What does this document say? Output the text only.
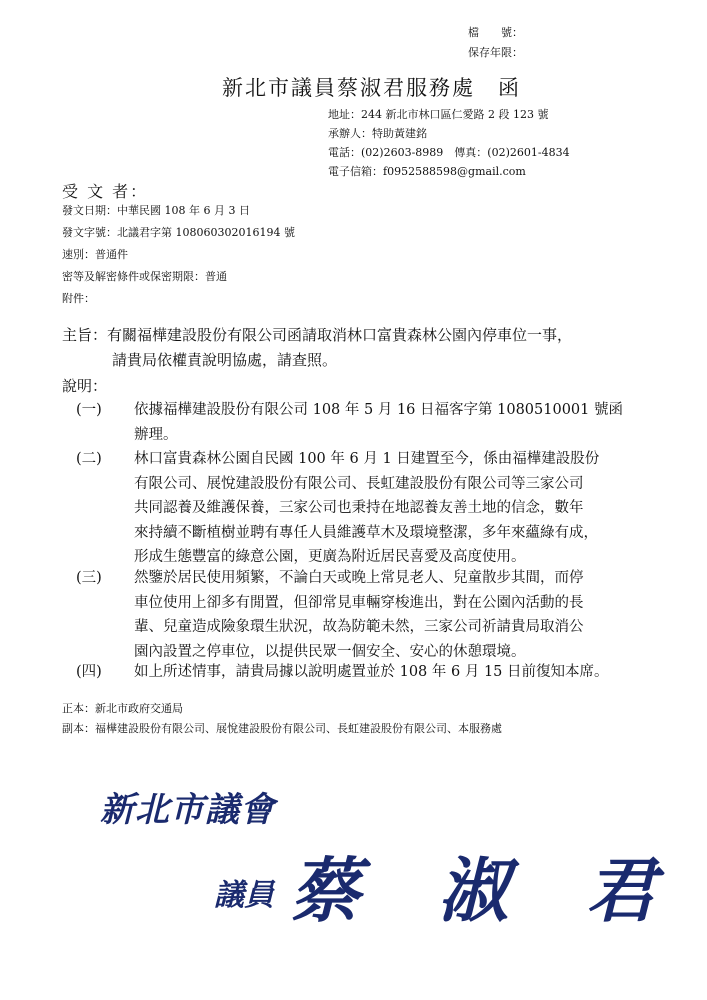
檔　　號：
保存年限：
新北市議員蔡淑君服務處　函
地址：244 新北市林口區仁愛路 2 段 123 號
承辦人：特助黃建銘
電話：(02)2603-8989　傳真：(02)2601-4834
電子信箱：f0952588598@gmail.com
受 文 者：
發文日期：中華民國 108 年 6 月 3 日
發文字號：北議君字第 108060302016194 號
速別：普通件
密等及解密條件或保密期限：普通
附件：
主旨：有關福樺建設股份有限公司函請取消林口富貴森林公園內停車位一事，
請貴局依權責說明協處，請查照。
說明：
(一) 依據福樺建設股份有限公司 108 年 5 月 16 日福客字第 1080510001 號函
辦理。
(二) 林口富貴森林公園自民國 100 年 6 月 1 日建置至今，係由福樺建設股份
有限公司、展悅建設股份有限公司、長虹建設股份有限公司等三家公司
共同認養及維護保養，三家公司也秉持在地認養友善土地的信念，數年
來持續不斷植樹並聘有專任人員維護草木及環境整潔，多年來蘊綠有成，
形成生態豐富的綠意公園，更廣為附近居民喜愛及高度使用。
(三) 然鑒於居民使用頻繁，不論白天或晚上常見老人、兒童散步其間，而停
車位使用上卻多有閒置，但卻常見車輛穿梭進出，對在公園內活動的長
輩、兒童造成險象環生狀況，故為防範未然，三家公司祈請貴局取消公
園內設置之停車位，以提供民眾一個安全、安心的休憩環境。
(四) 如上所述情事，請貴局據以說明處置並於 108 年 6 月 15 日前復知本席。
正本：新北市政府交通局
副本：福樺建設股份有限公司、展悅建設股份有限公司、長虹建設股份有限公司、本服務處
新北市議會
議員 蔡　淑　君
